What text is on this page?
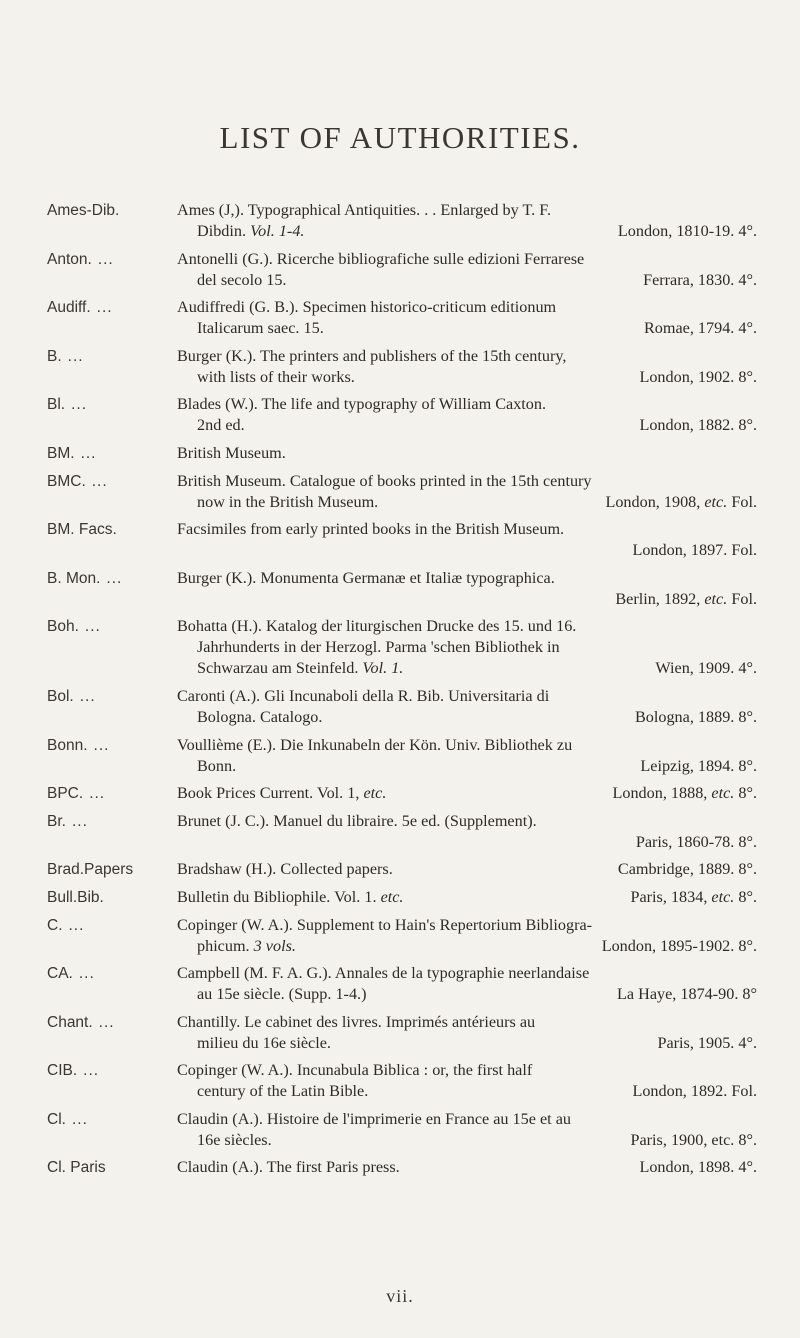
LIST OF AUTHORITIES.
Ames-Dib.	Ames (J,). Typographical Antiquities. . . Enlarged by T. F.
Dibdin. Vol. 1-4.	London, 1810-19. 4°.
Anton. ...	Antonelli (G.). Ricerche bibliografiche sulle edizioni Ferrarese
del secolo 15.	Ferrara, 1830. 4°.
Audiff. ...	Audiffredi (G. B.). Specimen historico-criticum editionum
Italicarum saec. 15.	Romae, 1794. 4°.
B. ...	Burger (K.). The printers and publishers of the 15th century,
with lists of their works.	London, 1902. 8°.
Bl. ...	Blades (W.). The life and typography of William Caxton.
2nd ed.	London, 1882. 8°.
BM. ...	British Museum.
BMC. ...	British Museum. Catalogue of books printed in the 15th century
now in the British Museum.	London, 1908, etc. Fol.
BM. Facs.	Facsimiles from early printed books in the British Museum.
London, 1897. Fol.
B. Mon. ...	Burger (K.). Monumenta Germanæ et Italiæ typographica.
Berlin, 1892, etc. Fol.
Boh. ...	Bohatta (H.). Katalog der liturgischen Drucke des 15. und 16.
Jahrhunderts in der Herzogl. Parma 'schen Bibliothek in
Schwarzau am Steinfeld. Vol. 1.	Wien, 1909. 4°.
Bol. ...	Caronti (A.). Gli Incunaboli della R. Bib. Universitaria di
Bologna. Catalogo.	Bologna, 1889. 8°.
Bonn. ...	Voullième (E.). Die Inkunabeln der Kön. Univ. Bibliothek zu
Bonn.	Leipzig, 1894. 8°.
BPC. ...	Book Prices Current. Vol. 1, etc.	London, 1888, etc. 8°.
Br. ...	Brunet (J. C.). Manuel du libraire. 5e ed. (Supplement).
Paris, 1860-78. 8°.
Brad.Papers	Bradshaw (H.). Collected papers.	Cambridge, 1889. 8°.
Bull.Bib.	Bulletin du Bibliophile. Vol. 1. etc.	Paris, 1834, etc. 8°.
C. ...	Copinger (W. A.). Supplement to Hain's Repertorium Bibliogra-
phicum. 3 vols.	London, 1895-1902. 8°.
CA. ...	Campbell (M. F. A. G.). Annales de la typographie neerlandaise
au 15e siècle. (Supp. 1-4.)	La Haye, 1874-90. 8°
Chant. ...	Chantilly. Le cabinet des livres. Imprimés antérieurs au
milieu du 16e siècle.	Paris, 1905. 4°.
CIB. ...	Copinger (W. A.). Incunabula Biblica : or, the first half
century of the Latin Bible.	London, 1892. Fol.
Cl. ...	Claudin (A.). Histoire de l'imprimerie en France au 15e et au
16e siècles.	Paris, 1900, etc. 8°.
Cl. Paris	Claudin (A.). The first Paris press.	London, 1898. 4°.
vii.
